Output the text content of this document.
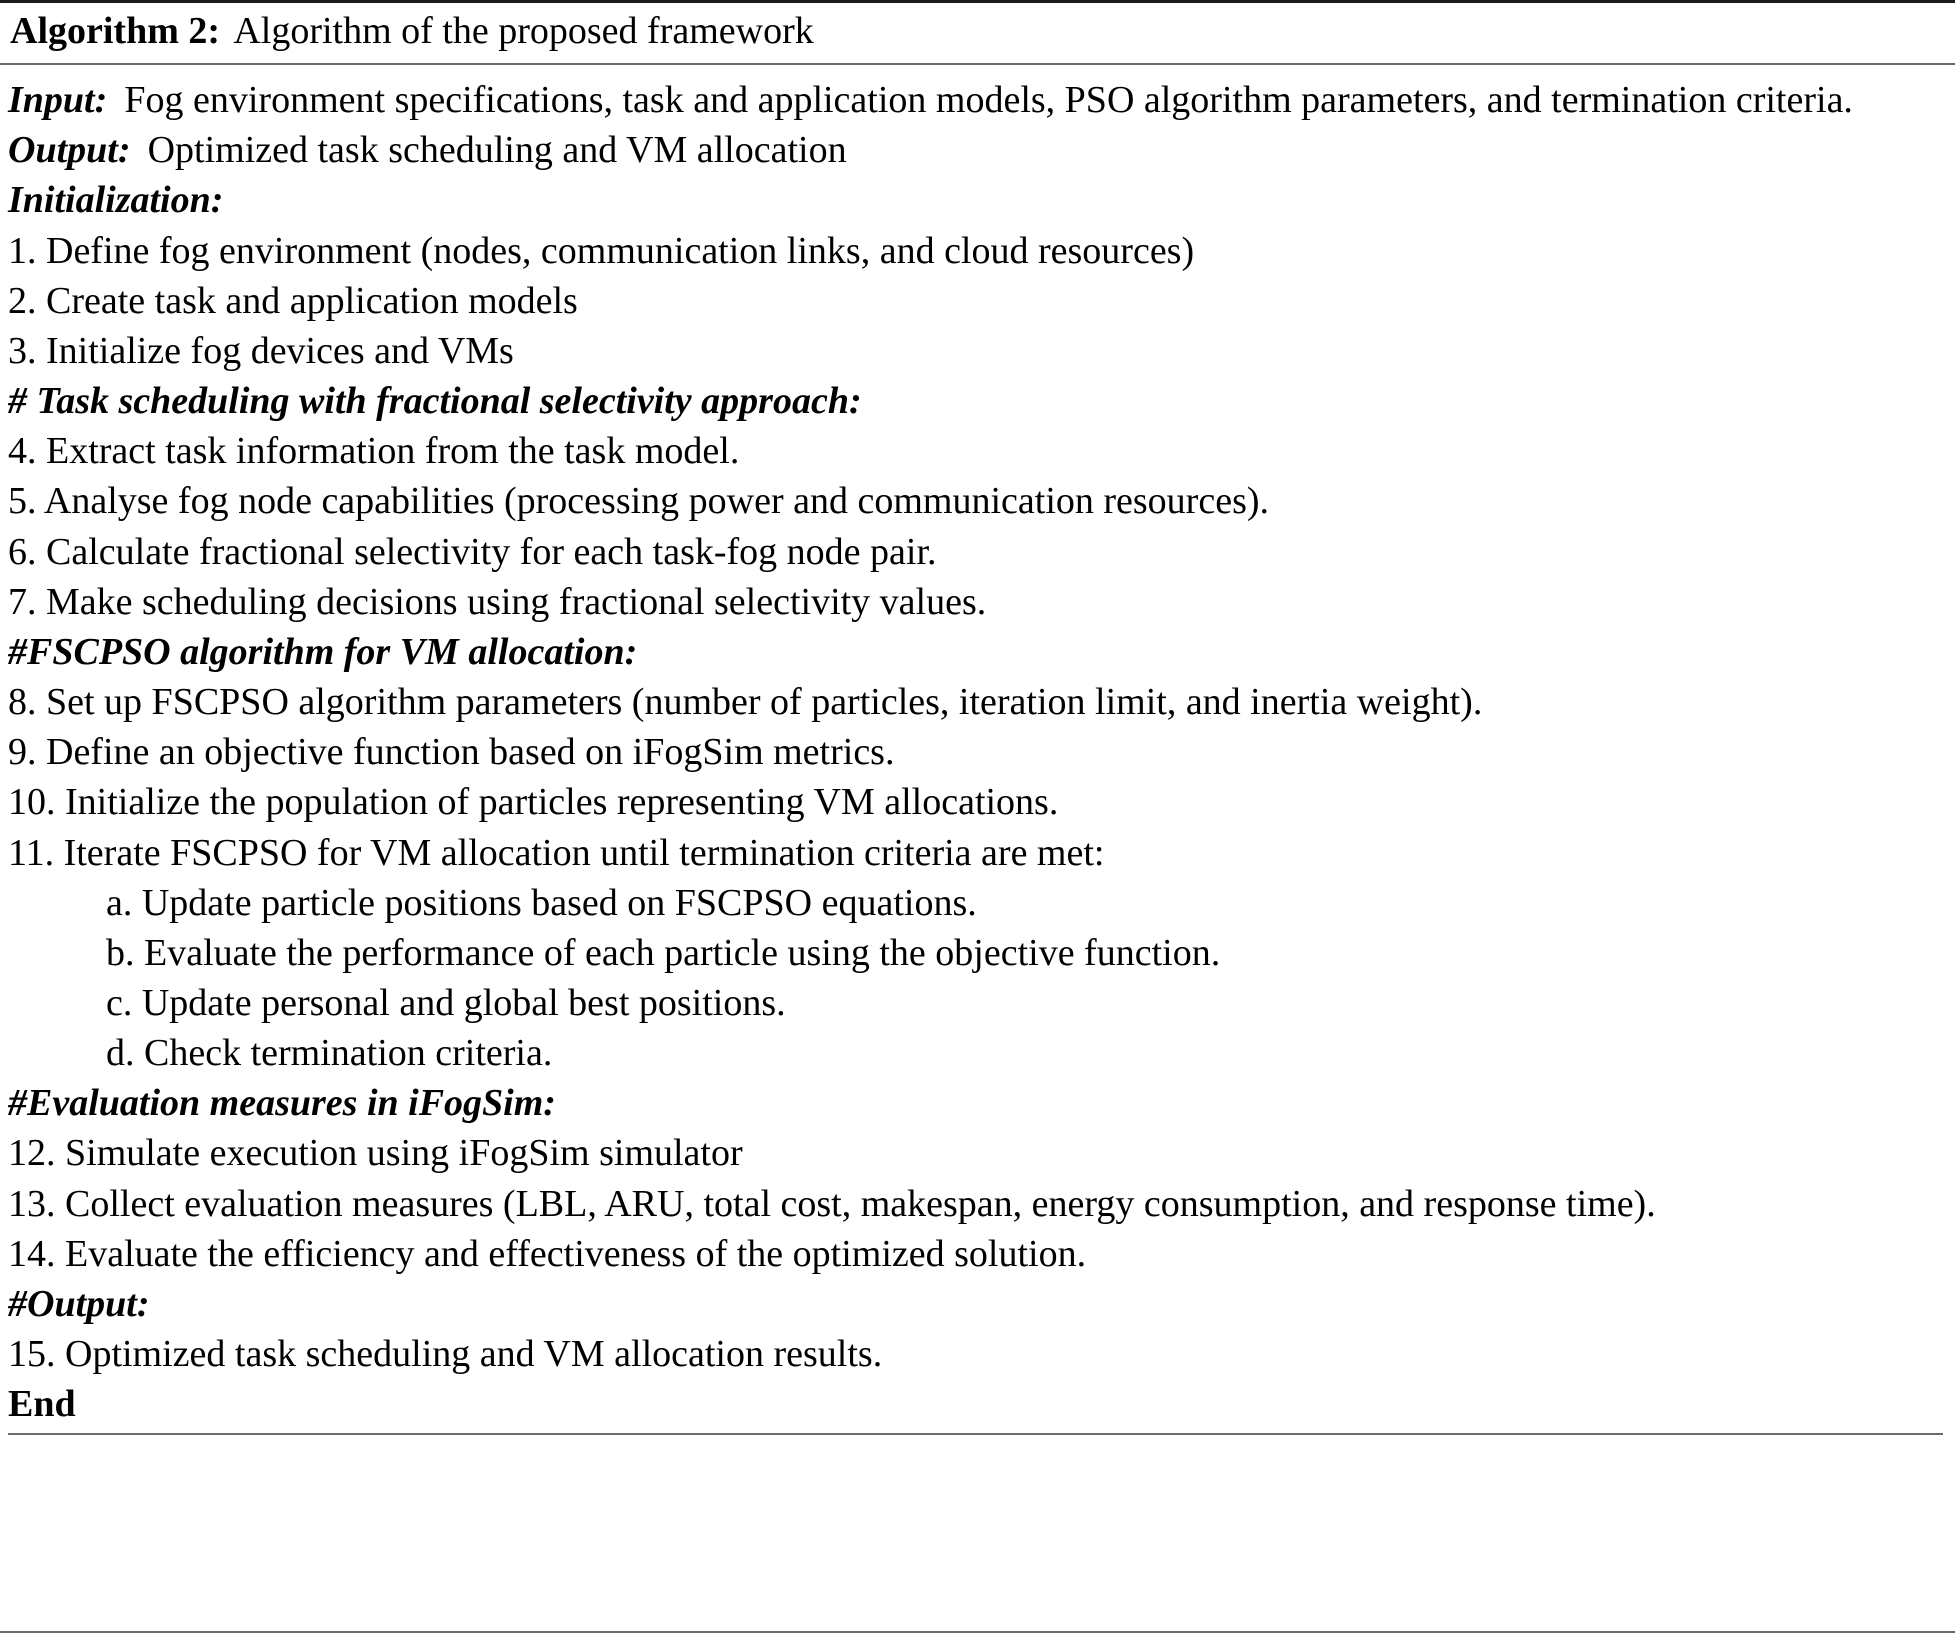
Algorithm 2: Algorithm of the proposed framework
Input: Fog environment specifications, task and application models, PSO algorithm parameters, and termination criteria.
Output: Optimized task scheduling and VM allocation
Initialization:
1. Define fog environment (nodes, communication links, and cloud resources)
2. Create task and application models
3. Initialize fog devices and VMs
# Task scheduling with fractional selectivity approach:
4. Extract task information from the task model.
5. Analyse fog node capabilities (processing power and communication resources).
6. Calculate fractional selectivity for each task-fog node pair.
7. Make scheduling decisions using fractional selectivity values.
#FSCPSO algorithm for VM allocation:
8. Set up FSCPSO algorithm parameters (number of particles, iteration limit, and inertia weight).
9. Define an objective function based on iFogSim metrics.
10. Initialize the population of particles representing VM allocations.
11. Iterate FSCPSO for VM allocation until termination criteria are met:
a. Update particle positions based on FSCPSO equations.
b. Evaluate the performance of each particle using the objective function.
c. Update personal and global best positions.
d. Check termination criteria.
#Evaluation measures in iFogSim:
12. Simulate execution using iFogSim simulator
13. Collect evaluation measures (LBL, ARU, total cost, makespan, energy consumption, and response time).
14. Evaluate the efficiency and effectiveness of the optimized solution.
#Output:
15. Optimized task scheduling and VM allocation results.
End
